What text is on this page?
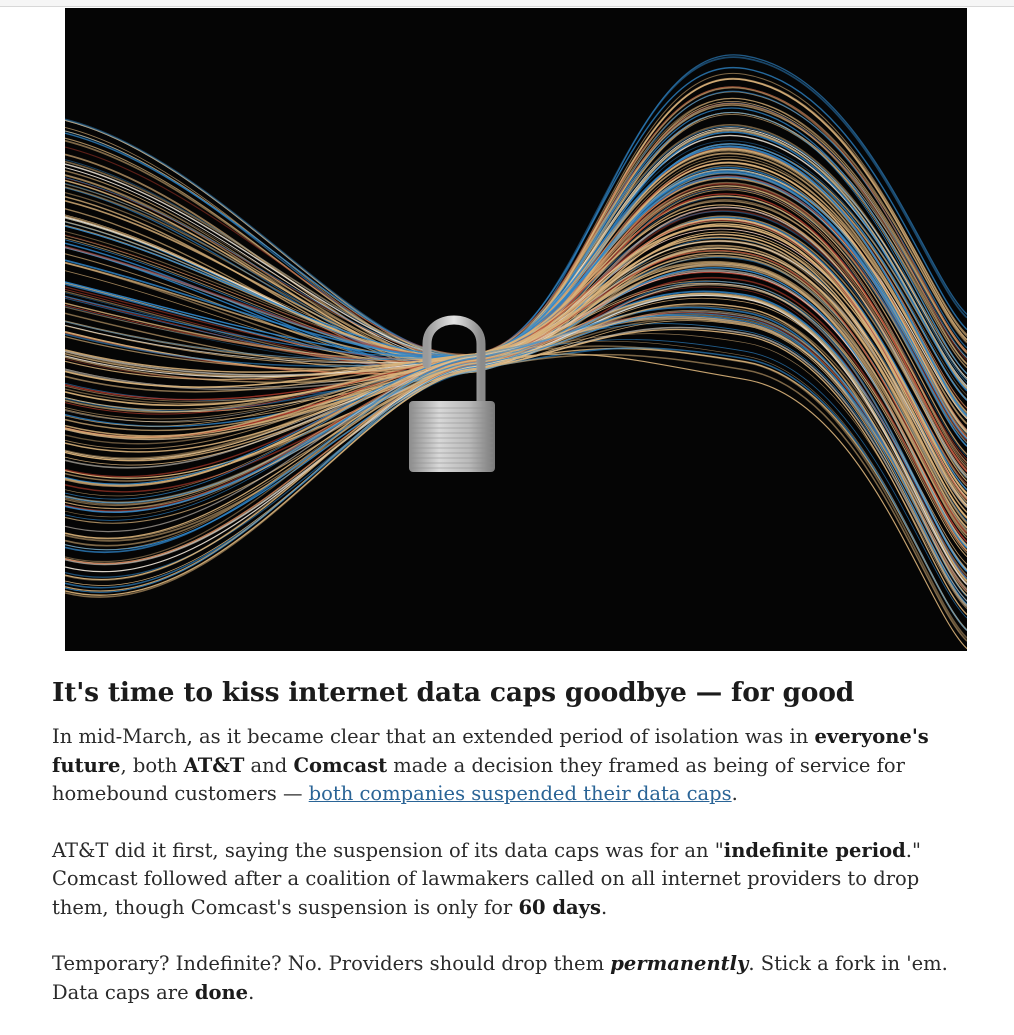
It's time to kiss internet data caps goodbye — for good

In mid-March, as it became clear that an extended period of isolation was in everyone's future, both AT&T and Comcast made a decision they framed as being of service for homebound customers — both companies suspended their data caps.

AT&T did it first, saying the suspension of its data caps was for an "indefinite period." Comcast followed after a coalition of lawmakers called on all internet providers to drop them, though Comcast's suspension is only for 60 days.

Temporary? Indefinite? No. Providers should drop them permanently. Stick a fork in 'em. Data caps are done.
